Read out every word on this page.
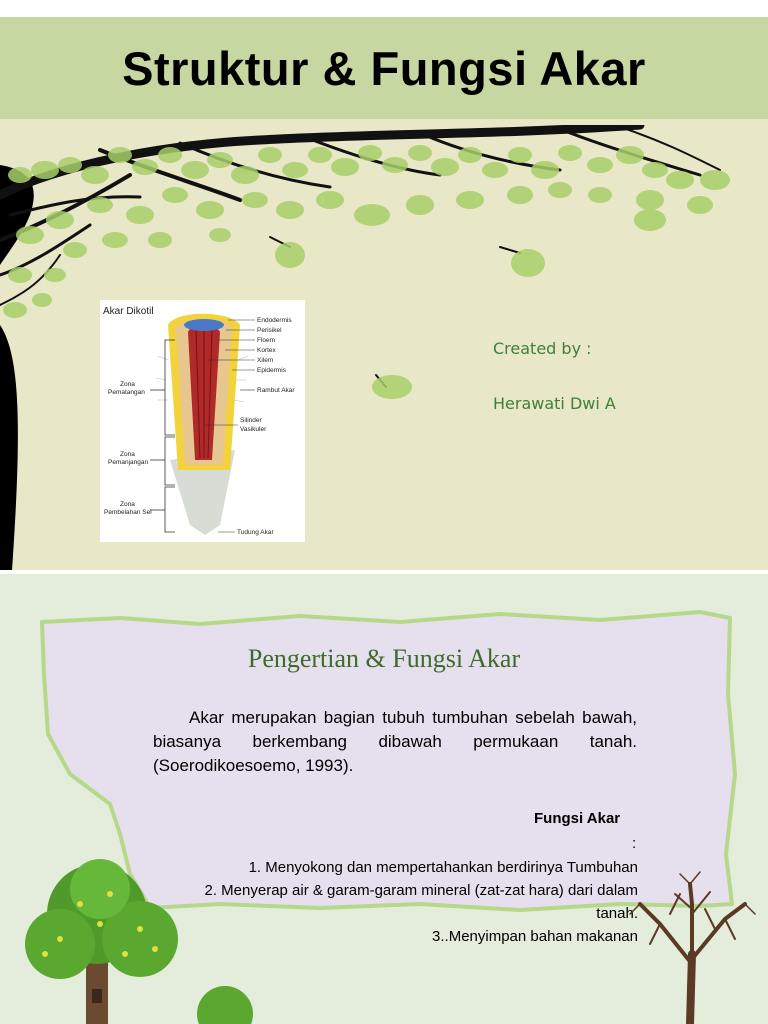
Struktur & Fungsi Akar
Akar Dikotil
Endodermis
Perisikel
Floem
Kortex
Xilem
Epidermis
Rambut Akar
Silinder
Vasikuler
Tudung Akar
Zona
Pematangan
Zona
Pemanjangan
Zona
Pembelahan Sel
Created by :
Herawati Dwi A
Pengertian & Fungsi Akar
Akar merupakan bagian tubuh tumbuhan sebelah bawah, biasanya berkembang dibawah permukaan tanah. (Soerodikoesoemo, 1993).
Fungsi Akar
:
1. Menyokong dan mempertahankan berdirinya Tumbuhan
2. Menyerap air & garam-garam mineral (zat-zat hara) dari dalam tanah.
3..Menyimpan bahan makanan
